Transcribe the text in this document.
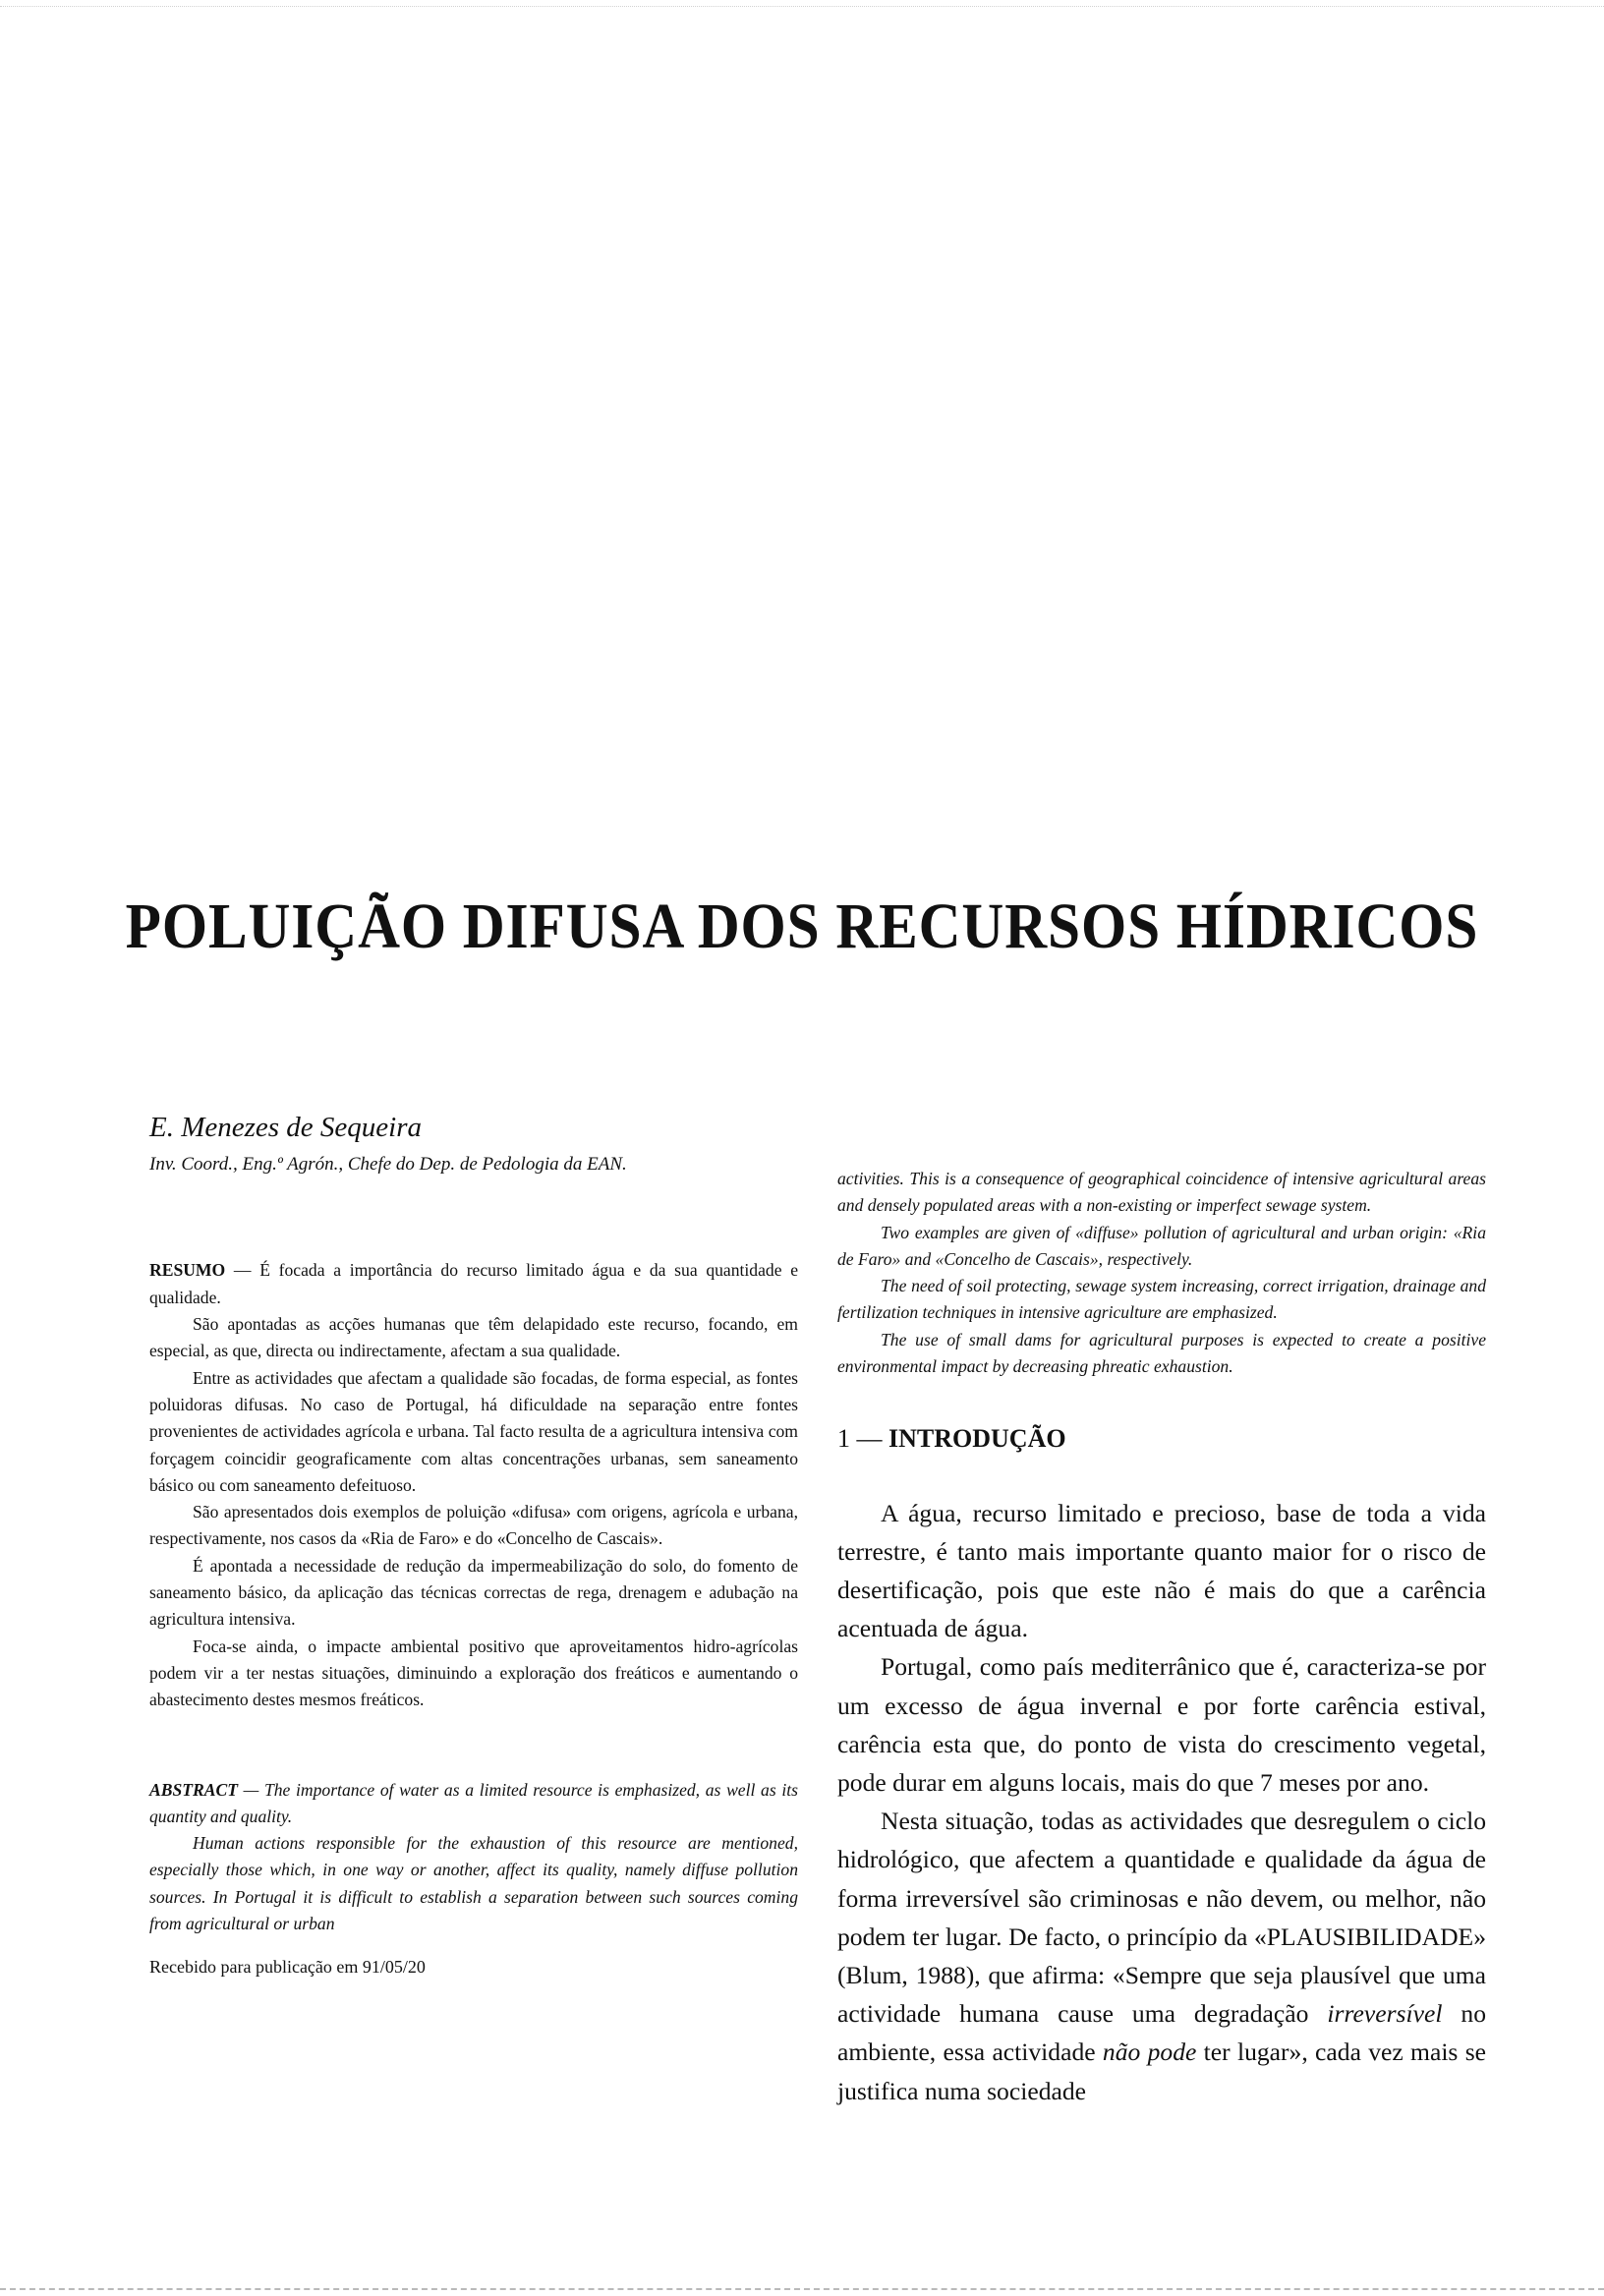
POLUIÇÃO DIFUSA DOS RECURSOS HÍDRICOS
E. Menezes de Sequeira
Inv. Coord., Eng.º Agrón., Chefe do Dep. de Pedologia da EAN.

RESUMO — É focada a importância do recurso limitado água e da sua quantidade e qualidade.

São apontadas as acções humanas que têm delapidado este recurso, focando, em especial, as que, directa ou indirectamente, afectam a sua qualidade.

Entre as actividades que afectam a qualidade são focadas, de forma especial, as fontes poluidoras difusas. No caso de Portugal, há dificuldade na separação entre fontes provenientes de actividades agrícola e urbana. Tal facto resulta de a agricultura intensiva com forçagem coincidir geograficamente com altas concentrações urbanas, sem saneamento básico ou com saneamento defeituoso.

São apresentados dois exemplos de poluição «difusa» com origens, agrícola e urbana, respectivamente, nos casos da «Ria de Faro» e do «Concelho de Cascais».

É apontada a necessidade de redução da impermeabilização do solo, do fomento de saneamento básico, da aplicação das técnicas correctas de rega, drenagem e adubação na agricultura intensiva.

Foca-se ainda, o impacte ambiental positivo que aproveitamentos hidro-agrícolas podem vir a ter nestas situações, diminuindo a exploração dos freáticos e aumentando o abastecimento destes mesmos freáticos.

ABSTRACT — The importance of water as a limited resource is emphasized, as well as its quantity and quality.

Human actions responsible for the exhaustion of this resource are mentioned, especially those which, in one way or another, affect its quality, namely diffuse pollution sources. In Portugal it is difficult to establish a separation between such sources coming from agricultural or urban

Recebido para publicação em 91/05/20

activities. This is a consequence of geographical coincidence of intensive agricultural areas and densely populated areas with a non-existing or imperfect sewage system.

Two examples are given of «diffuse» pollution of agricultural and urban origin: «Ria de Faro» and «Concelho de Cascais», respectively.

The need of soil protecting, sewage system increasing, correct irrigation, drainage and fertilization techniques in intensive agriculture are emphasized.

The use of small dams for agricultural purposes is expected to create a positive environmental impact by decreasing phreatic exhaustion.

1 — INTRODUÇÃO

A água, recurso limitado e precioso, base de toda a vida terrestre, é tanto mais importante quanto maior for o risco de desertificação, pois que este não é mais do que a carência acentuada de água.

Portugal, como país mediterrânico que é, caracteriza-se por um excesso de água invernal e por forte carência estival, carência esta que, do ponto de vista do crescimento vegetal, pode durar em alguns locais, mais do que 7 meses por ano.

Nesta situação, todas as actividades que desregulem o ciclo hidrológico, que afectem a quantidade e qualidade da água de forma irreversível são criminosas e não devem, ou melhor, não podem ter lugar. De facto, o princípio da «PLAUSIBILIDADE» (Blum, 1988), que afirma: «Sempre que seja plausível que uma actividade humana cause uma degradação irreversível no ambiente, essa actividade não pode ter lugar», cada vez mais se justifica numa sociedade
